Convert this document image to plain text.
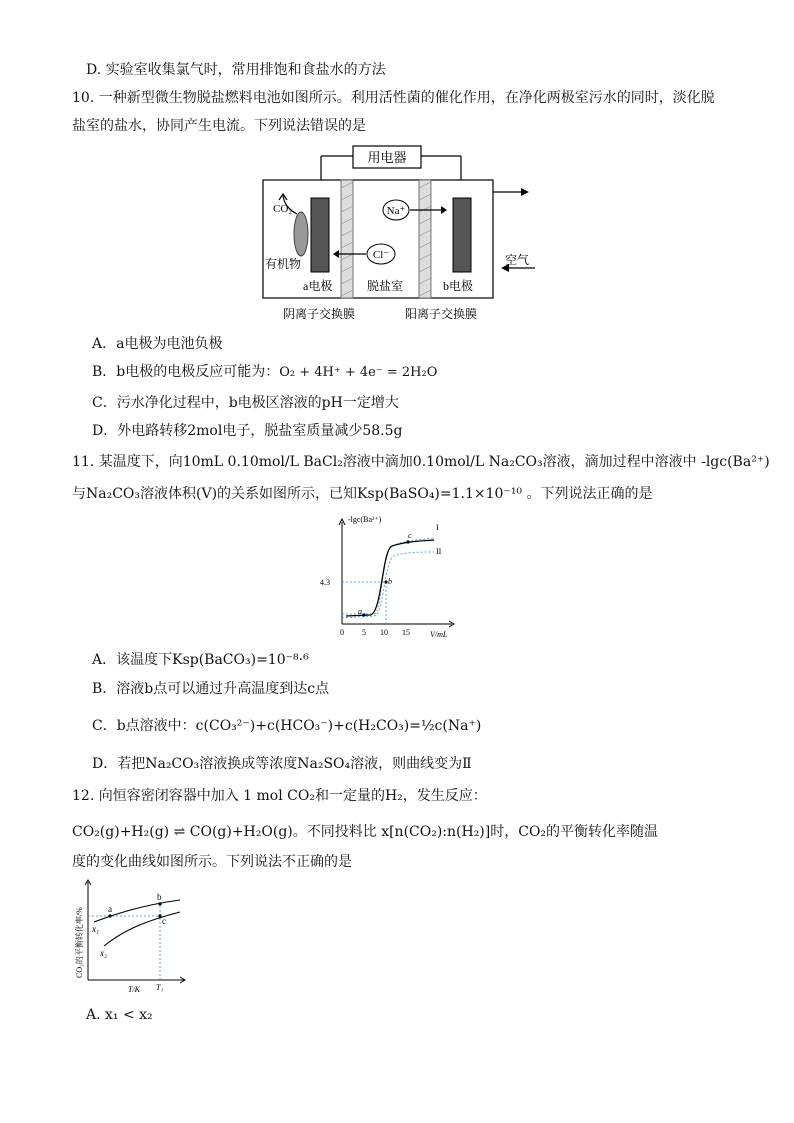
D. 实验室收集氯气时，常用排饱和食盐水的方法
10. 一种新型微生物脱盐燃料电池如图所示。利用活性菌的催化作用，在净化两极室污水的同时，淡化脱
盐室的盐水，协同产生电流。下列说法错误的是
用电器
CO₂
有机物
Na⁺
Cl⁻	空气
a电极	脱盐室	b电极
阴离子交换膜	阳离子交换膜
A．a电极为电池负极
B．b电极的电极反应可能为：O₂ + 4H⁺ + 4e⁻ = 2H₂O
C．污水净化过程中，b电极区溶液的pH一定增大
D．外电路转移2mol电子，脱盐室质量减少58.5g
11. 某温度下，向10mL 0.10mol/L BaCl₂溶液中滴加0.10mol/L Na₂CO₃溶液，滴加过程中溶液中 -lgc(Ba²⁺)
与Na₂CO₃溶液体积(V)的关系如图所示，已知Ksp(BaSO₄)=1.1×10⁻¹⁰ 。下列说法正确的是
-lgc(Ba²⁺)
V/mL
4.3
0 5 10 15
a
b
c
I
II
A．该温度下Ksp(BaCO₃)=10⁻⁸·⁶
B．溶液b点可以通过升高温度到达c点
C．b点溶液中：c(CO₃²⁻)+c(HCO₃⁻)+c(H₂CO₃)=½c(Na⁺)
D．若把Na₂CO₃溶液换成等浓度Na₂SO₄溶液，则曲线变为Ⅱ
12. 向恒容密闭容器中加入 1 mol CO₂和一定量的H₂，发生反应：
CO₂(g)+H₂(g) ⇌ CO(g)+H₂O(g)。不同投料比 x[n(CO₂):n(H₂)]时，CO₂的平衡转化率随温
度的变化曲线如图所示。下列说法不正确的是
CO₂的平衡转化率/%	a
b
c
x₁
x₂
T/K T₁
A. x₁ < x₂
